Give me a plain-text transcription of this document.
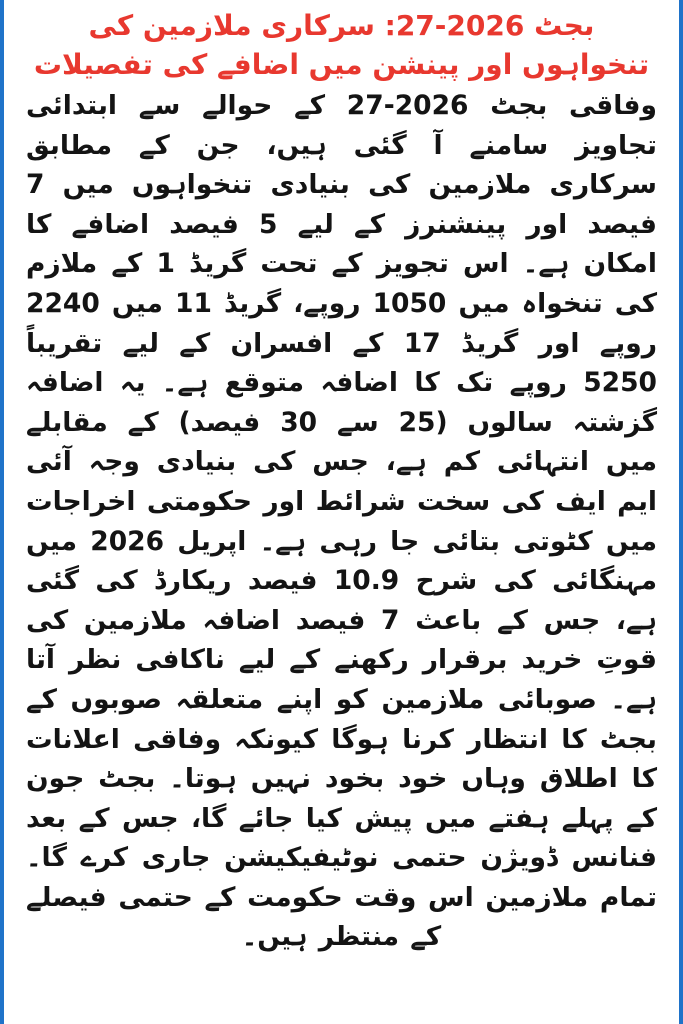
بجٹ 2026-27: سرکاری ملازمین کی تنخواہوں اور پینشن میں اضافے کی تفصیلات

وفاقی بجٹ 2026-27 کے حوالے سے ابتدائی تجاویز سامنے آ گئی ہیں، جن کے مطابق سرکاری ملازمین کی بنیادی تنخواہوں میں 7 فیصد اور پینشنرز کے لیے 5 فیصد اضافے کا امکان ہے۔ اس تجویز کے تحت گریڈ 1 کے ملازم کی تنخواہ میں 1050 روپے، گریڈ 11 میں 2240 روپے اور گریڈ 17 کے افسران کے لیے تقریباً 5250 روپے تک کا اضافہ متوقع ہے۔ یہ اضافہ گزشتہ سالوں (25 سے 30 فیصد) کے مقابلے میں انتہائی کم ہے، جس کی بنیادی وجہ آئی ایم ایف کی سخت شرائط اور حکومتی اخراجات میں کٹوتی بتائی جا رہی ہے۔ اپریل 2026 میں مہنگائی کی شرح 10.9 فیصد ریکارڈ کی گئی ہے، جس کے باعث 7 فیصد اضافہ ملازمین کی قوتِ خرید برقرار رکھنے کے لیے ناکافی نظر آتا ہے۔ صوبائی ملازمین کو اپنے متعلقہ صوبوں کے بجٹ کا انتظار کرنا ہوگا کیونکہ وفاقی اعلانات کا اطلاق وہاں خود بخود نہیں ہوتا۔ بجٹ جون کے پہلے ہفتے میں پیش کیا جائے گا، جس کے بعد فنانس ڈویژن حتمی نوٹیفیکیشن جاری کرے گا۔ تمام ملازمین اس وقت حکومت کے حتمی فیصلے کے منتظر ہیں۔
